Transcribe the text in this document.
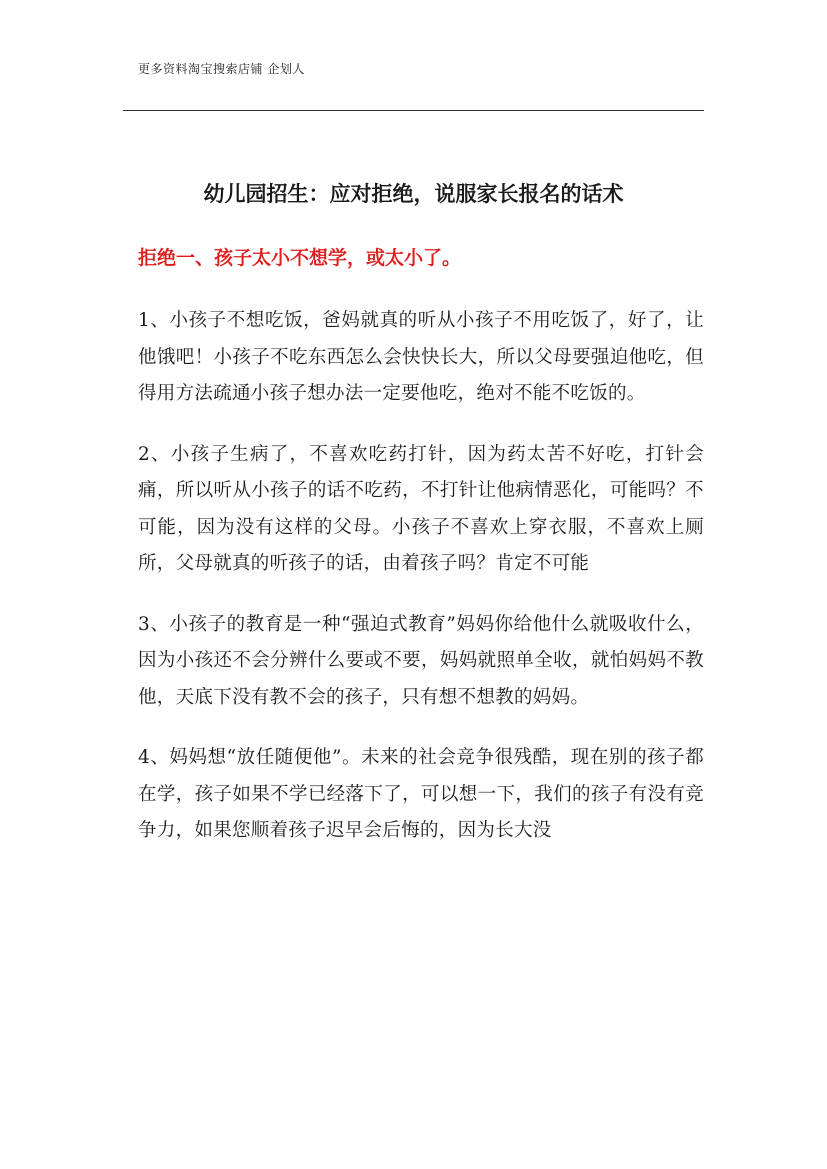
更多资料淘宝搜索店铺 企划人
幼儿园招生：应对拒绝，说服家长报名的话术
拒绝一、孩子太小不想学，或太小了。

1、小孩子不想吃饭，爸妈就真的听从小孩子不用吃饭了，好了，让他饿吧！小孩子不吃东西怎么会快快长大，所以父母要强迫他吃，但得用方法疏通小孩子想办法一定要他吃，绝对不能不吃饭的。

2、小孩子生病了，不喜欢吃药打针，因为药太苦不好吃，打针会痛，所以听从小孩子的话不吃药，不打针让他病情恶化，可能吗？不可能，因为没有这样的父母。小孩子不喜欢上穿衣服，不喜欢上厕所，父母就真的听孩子的话，由着孩子吗？肯定不可能

3、小孩子的教育是一种“强迫式教育”妈妈你给他什么就吸收什么，因为小孩还不会分辨什么要或不要，妈妈就照单全收，就怕妈妈不教他，天底下没有教不会的孩子，只有想不想教的妈妈。

4、妈妈想“放任随便他”。未来的社会竞争很残酷，现在别的孩子都在学，孩子如果不学已经落下了，可以想一下，我们的孩子有没有竞争力，如果您顺着孩子迟早会后悔的，因为长大没
